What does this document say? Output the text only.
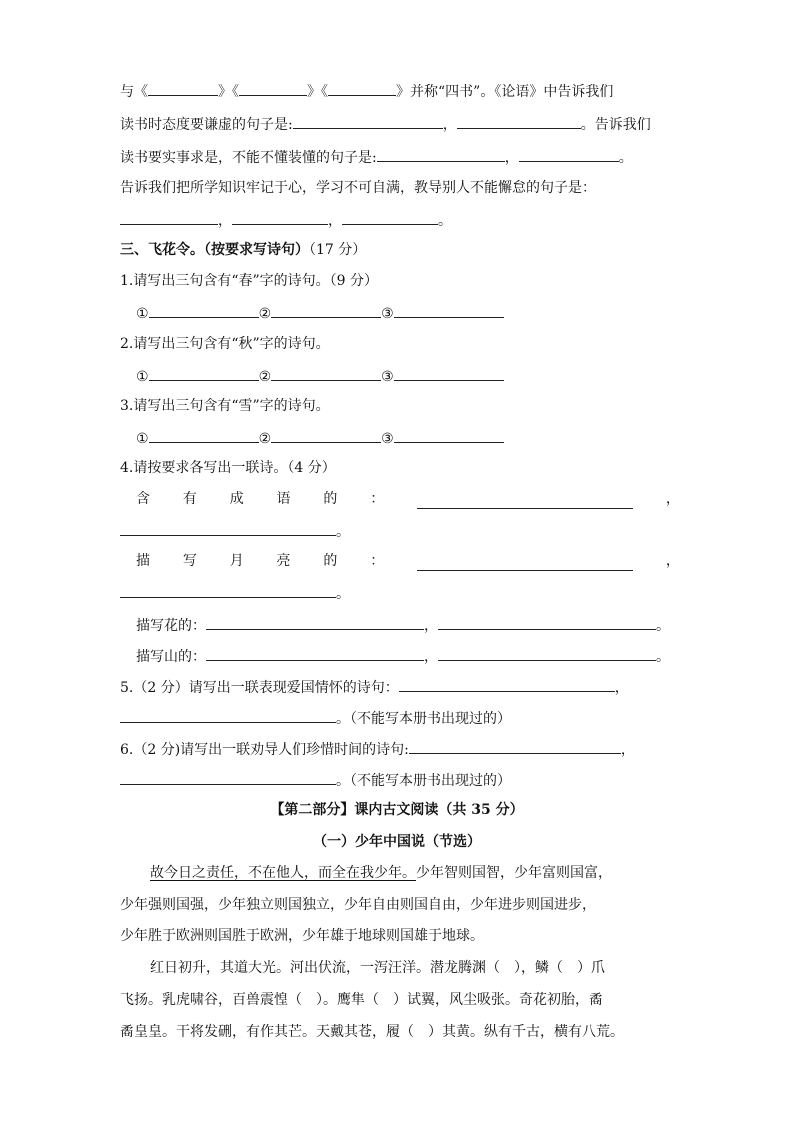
与《	》《	》《	》并称“四书”。《论语》中告诉我们
读书时态度要谦虚的句子是:	，	。告诉我们
读书要实事求是，不能不懂装懂的句子是:	，	。
告诉我们把所学知识牢记于心，学习不可自满，教导别人不能懈怠的句子是：
，	，	。
三、飞花令。（按要求写诗句）（17 分）
1.请写出三句含有“春”字的诗句。（9 分）
①	②	③
2.请写出三句含有“秋”字的诗句。
①	②	③
3.请写出三句含有“雪”字的诗句。
①	②	③
4.请按要求各写出一联诗。（4 分）
含 有 成 语 的 ：	，
。
描 写 月 亮 的 ：	，
。
描写花的：	，	。
描写山的：	，	。
5.（2 分）请写出一联表现爱国情怀的诗句：	，
。（不能写本册书出现过的）
6.（2 分)请写出一联劝导人们珍惜时间的诗句:	，
。（不能写本册书出现过的）
【第二部分】课内古文阅读（共 35 分）
（一）少年中国说（节选）
故今日之责任，不在他人，而全在我少年。少年智则国智，少年富则国富，
少年强则国强，少年独立则国独立，少年自由则国自由，少年进步则国进步，
少年胜于欧洲则国胜于欧洲，少年雄于地球则国雄于地球。
红日初升，其道大光。河出伏流，一泻汪洋。潜龙腾渊（　），鳞（　）爪
飞扬。乳虎啸谷，百兽震惶（　）。鹰隼（　）试翼，风尘吸张。奇花初胎，矞
矞皇皇。干将发硎，有作其芒。天戴其苍，履（　）其黄。纵有千古，横有八荒。
